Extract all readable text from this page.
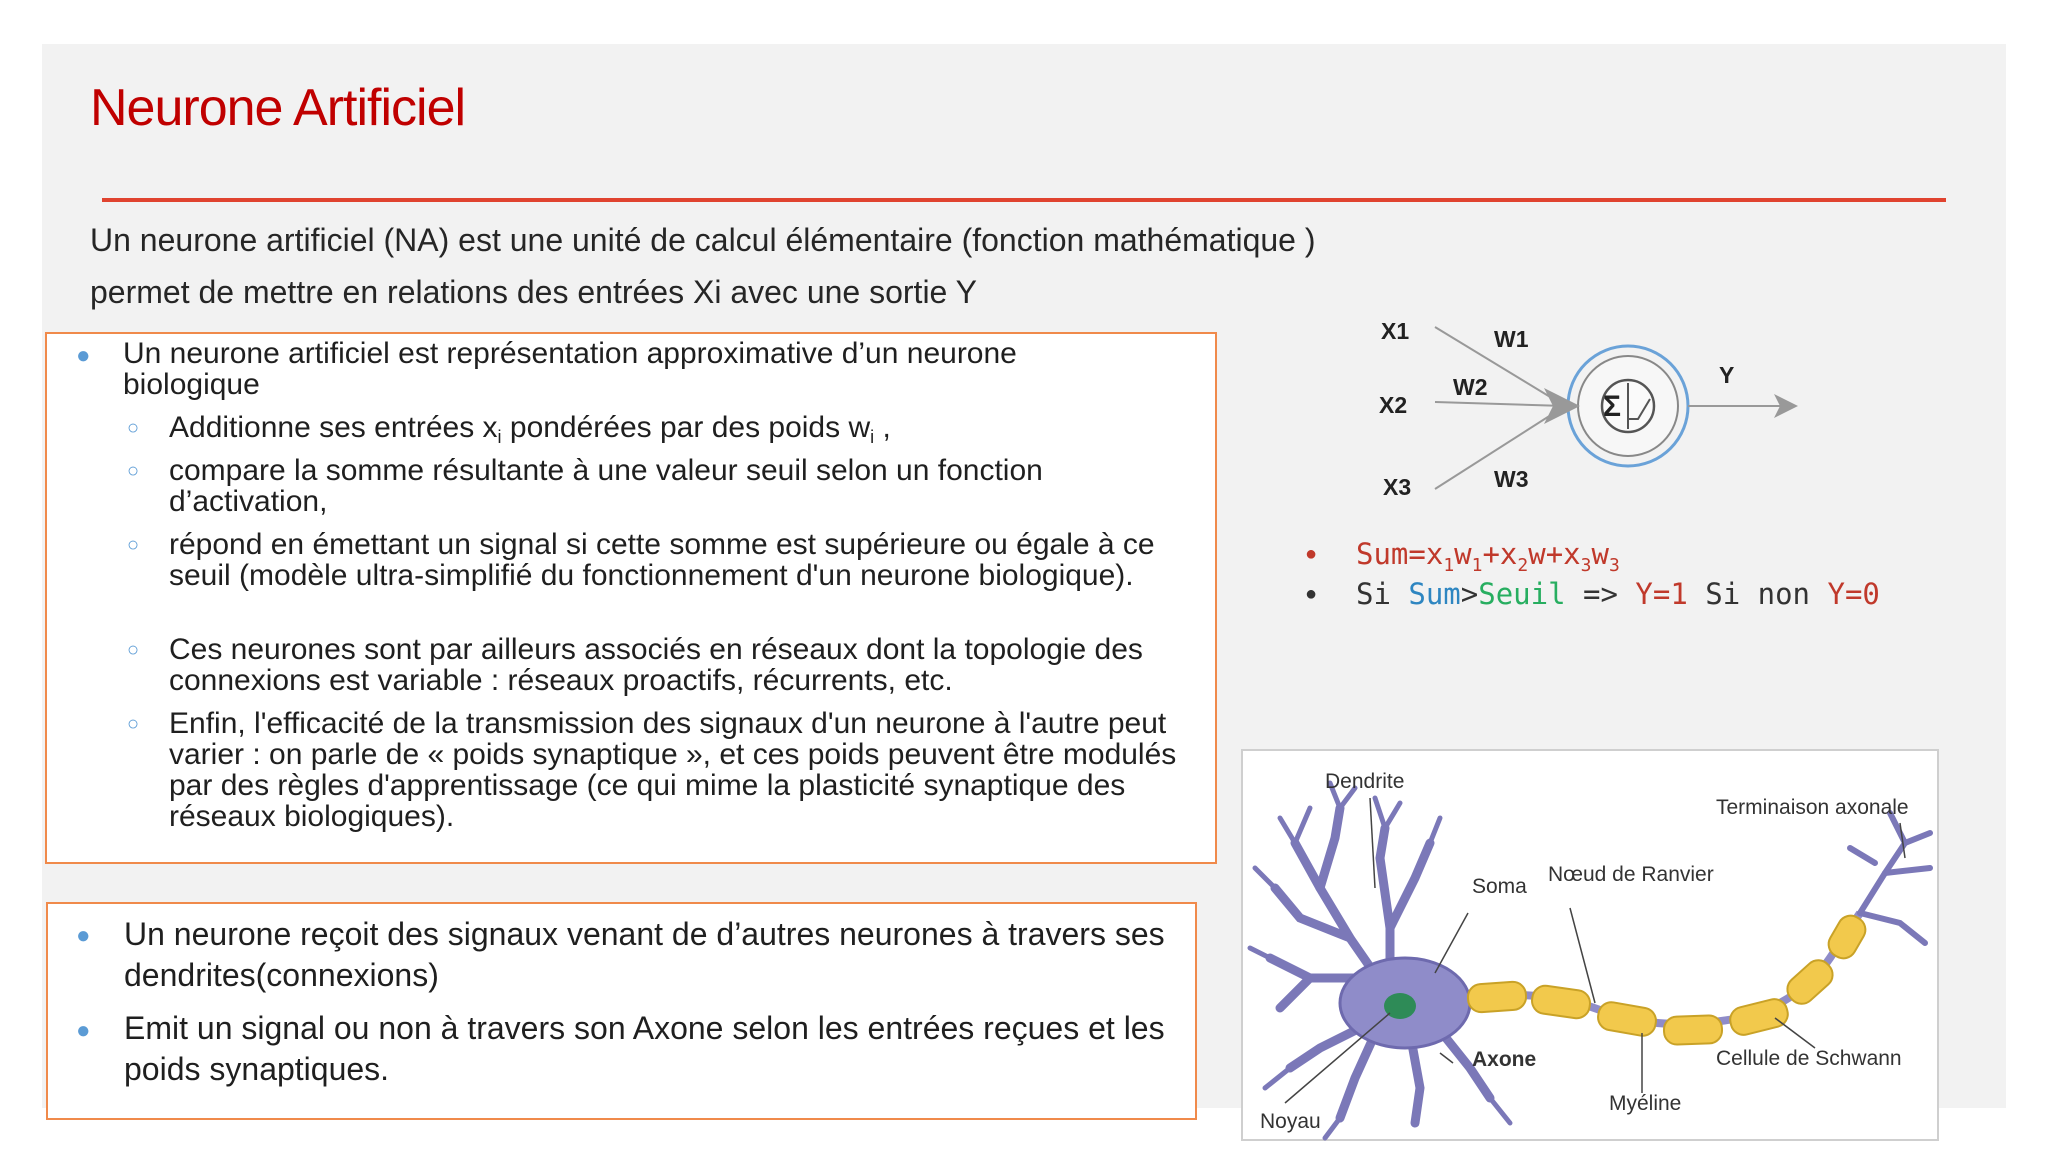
Neurone Artificiel
Un neurone artificiel (NA) est une unité de calcul élémentaire (fonction mathématique )
permet de mettre en relations des entrées Xi avec une sortie Y
● Un neurone artificiel est représentation approximative d’un neurone biologique
○ Additionne ses entrées $x_i$ pondérées par des poids $w_i$ ,
○ compare la somme résultante à une valeur seuil selon un fonction d’activation,
○ répond en émettant un signal si cette somme est supérieure ou égale à ce seuil (modèle ultra-simplifié du fonctionnement d'un neurone biologique).
○ Ces neurones sont par ailleurs associés en réseaux dont la topologie des connexions est variable : réseaux proactifs, récurrents, etc.
○ Enfin, l'efficacité de la transmission des signaux d'un neurone à l'autre peut varier : on parle de « poids synaptique », et ces poids peuvent être modulés par des règles d'apprentissage (ce qui mime la plasticité synaptique des réseaux biologiques).
● Un neurone reçoit des signaux venant de d’autres neurones à travers ses dendrites(connexions)
● Emit un signal ou non à travers son Axone selon les entrées reçues et les poids synaptiques.
X1
X2
X3
W1
W2
W3
Y
Σ
● $Sum=x_1w_1+x_2w+x_3w_3$
● Si Sum>Seuil => Y=1 Si non Y=0
Dendrite
Soma
Nœud de Ranvier
Terminaison axonale
Axone
Noyau
Myéline
Cellule de Schwann
